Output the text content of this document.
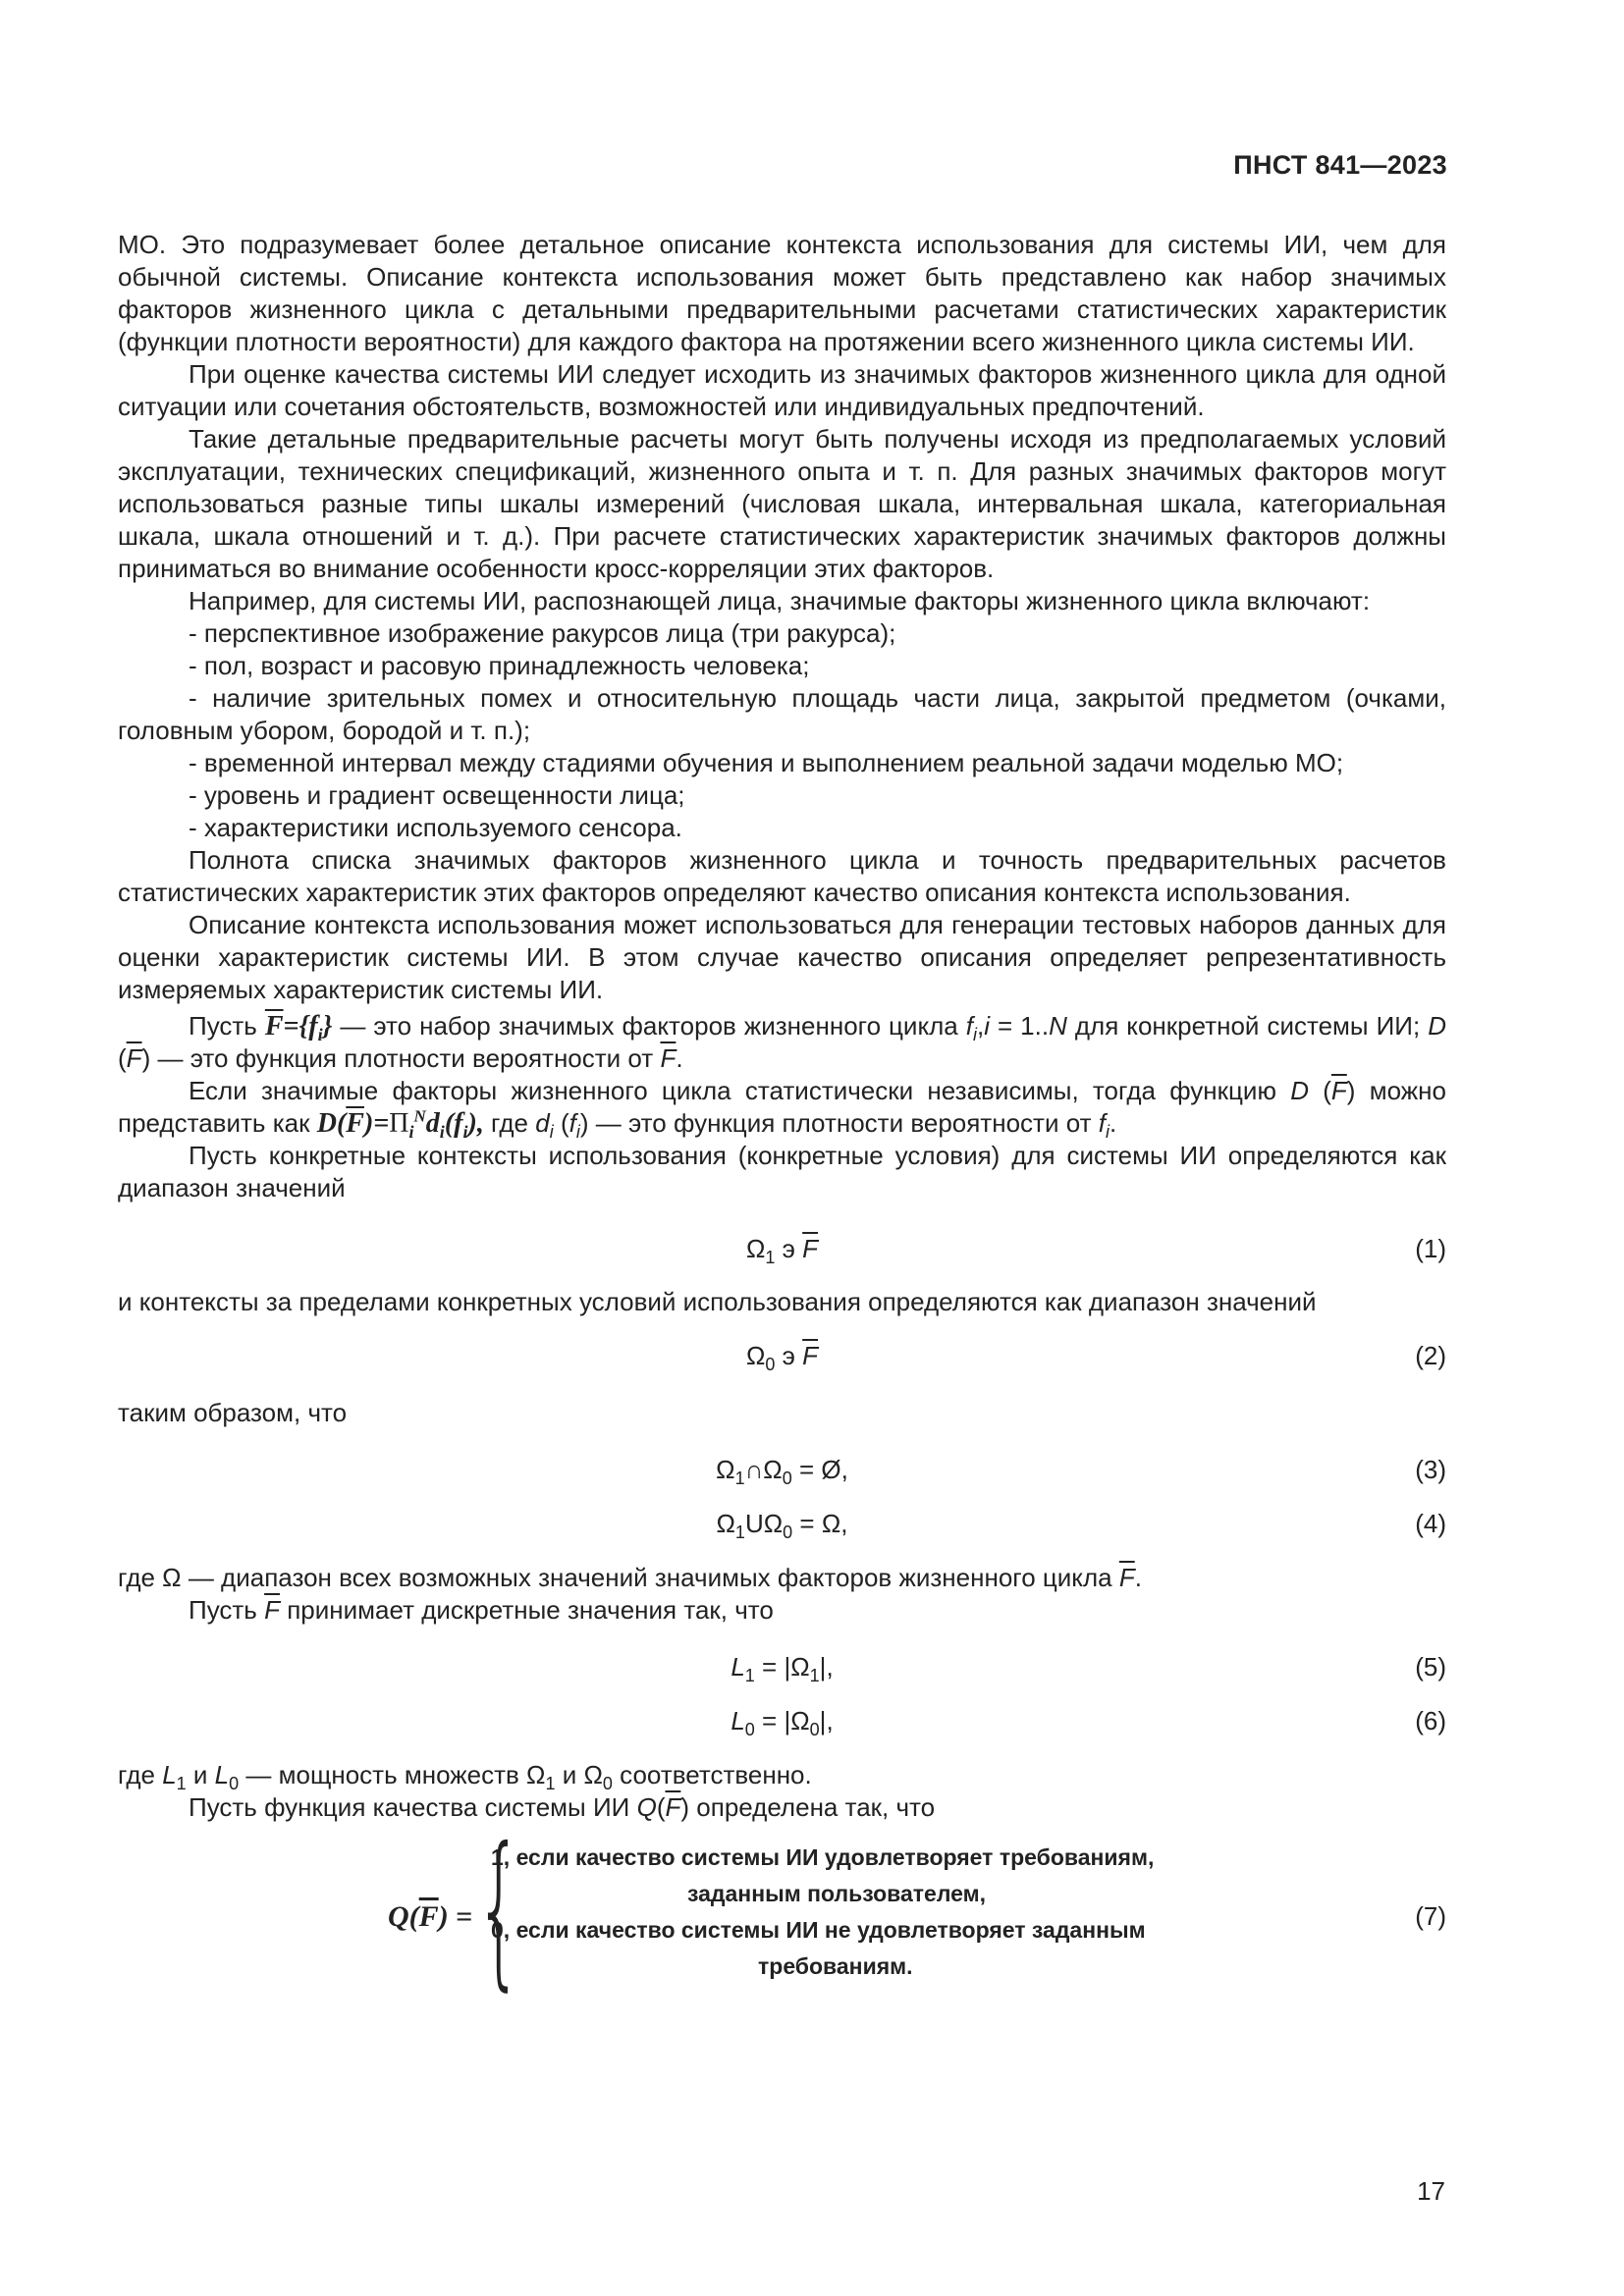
ПНСТ 841—2023

МО. Это подразумевает более детальное описание контекста использования для системы ИИ, чем для обычной системы. Описание контекста использования может быть представлено как набор значимых факторов жизненного цикла с детальными предварительными расчетами статистических характеристик (функции плотности вероятности) для каждого фактора на протяжении всего жизненного цикла системы ИИ.

При оценке качества системы ИИ следует исходить из значимых факторов жизненного цикла для одной ситуации или сочетания обстоятельств, возможностей или индивидуальных предпочтений.

Такие детальные предварительные расчеты могут быть получены исходя из предполагаемых условий эксплуатации, технических спецификаций, жизненного опыта и т. п. Для разных значимых факторов могут использоваться разные типы шкалы измерений (числовая шкала, интервальная шкала, категориальная шкала, шкала отношений и т. д.). При расчете статистических характеристик значимых факторов должны приниматься во внимание особенности кросс-корреляции этих факторов.

Например, для системы ИИ, распознающей лица, значимые факторы жизненного цикла включают:

- перспективное изображение ракурсов лица (три ракурса);

- пол, возраст и расовую принадлежность человека;

- наличие зрительных помех и относительную площадь части лица, закрытой предметом (очками, головным убором, бородой и т. п.);

- временной интервал между стадиями обучения и выполнением реальной задачи моделью МО;

- уровень и градиент освещенности лица;

- характеристики используемого сенсора.

Полнота списка значимых факторов жизненного цикла и точность предварительных расчетов статистических характеристик этих факторов определяют качество описания контекста использования.

Описание контекста использования может использоваться для генерации тестовых наборов данных для оценки характеристик системы ИИ. В этом случае качество описания определяет репрезентативность измеряемых характеристик системы ИИ.

Пусть $\overline{F}=\{f_i\}$ — это набор значимых факторов жизненного цикла $f_i,i = 1..N$ для конкретной системы ИИ; D $(\overline{F})$ — это функция плотности вероятности от $\overline{F}$.

Если значимые факторы жизненного цикла статистически независимы, тогда функцию D $(\overline{F})$ можно представить как $D(\overline{F})=\Pi_i^Nd_i(f_i)$, где $d_i$ $(f_i)$ — это функция плотности вероятности от $f_i$.

Пусть конкретные контексты использования (конкретные условия) для системы ИИ определяются как диапазон значений

$\Omega_1$ э $\overline{F}$	(1)

и контексты за пределами конкретных условий использования определяются как диапазон значений

$\Omega_0$ э $\overline{F}$	(2)

таким образом, что

$\Omega_1\cap\Omega_0$ = Ø,	(3)
$\Omega_1U\Omega_0 = \Omega$,	(4)

где Ω — диапазон всех возможных значений значимых факторов жизненного цикла $\overline{F}$.

Пусть $\overline{F}$ принимает дискретные значения так, что

$L_1 = |\Omega_1|$,	(5)
$L_0 = |\Omega_0|$,	(6)

где $L_1$ и $L_0$ — мощность множеств $\Omega_1$ и $\Omega_0$ соответственно.

Пусть функция качества системы ИИ $Q(\overline{F})$ определена так, что

$Q(\overline{F})$ = {
1, если качество системы ИИ удовлетворяет требованиям,
заданным пользователем,
0, если качество системы ИИ не удовлетворяет заданным
требованиям.
(7)
17
